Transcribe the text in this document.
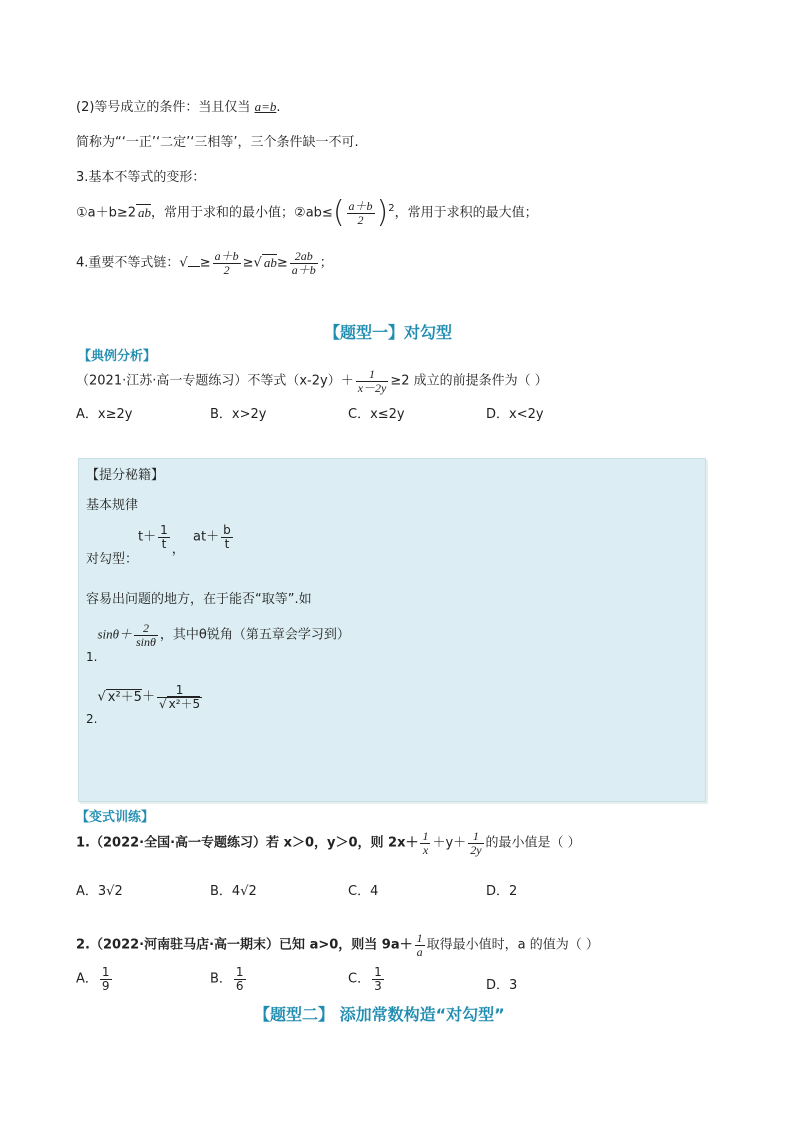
(2)等号成立的条件：当且仅当 a=b.
简称为“‘一正’‘二定’‘三相等’，三个条件缺一不可.
3.基本不等式的变形：
①a＋b≥2 ab，常用于求和的最小值；②ab≤( $\frac{a+b}{2} )^2$，常用于求积的最大值；
4.重要不等式链：√ ≥ $\frac{a+b}{2}$ ≥√ $ab\ge \frac{2ab}{a+b}$ ；
【题型一】对勾型
【典例分析】
（2021·江苏·高一专题练习）不等式$(x-2y)+ \frac{1}{x-2y} \ge 2$ 成立的前提条件为（ ）
A．x≥2y	B．x>2y	C．x≤2y	D．x<2y
【提分秘籍】
基本规律
对勾型：$t+ \frac{1}{t}$ ，  $at+ \frac{b}{t}$
容易出问题的地方，在于能否“取等”.如
$1.\sin\theta+ \frac{2}{\sin\theta}$ ，其中θ锐角（第五章会学习到）
2.√ $x^2+5+ \frac{1}{\text{√ x²＋5}}$
【变式训练】
1.（2022·全国·高一专题练习）若 x＞0，y＞0，则 $2x+ \frac{1}{x} +y+ \frac{1}{2y}$ 的最小值是（ ）
A．3√2	B．4√2	C．4	D．2
2.（2022·河南驻马店·高一期末）已知 a>0，则当 $9a+ \frac{1}{a}$ 取得最小值时，a 的值为（ ）
A． $\frac{1}{9}$	B． $\frac{1}{6}$	C． $\frac{1}{3}$	D．3
【题型二】 添加常数构造“对勾型”
